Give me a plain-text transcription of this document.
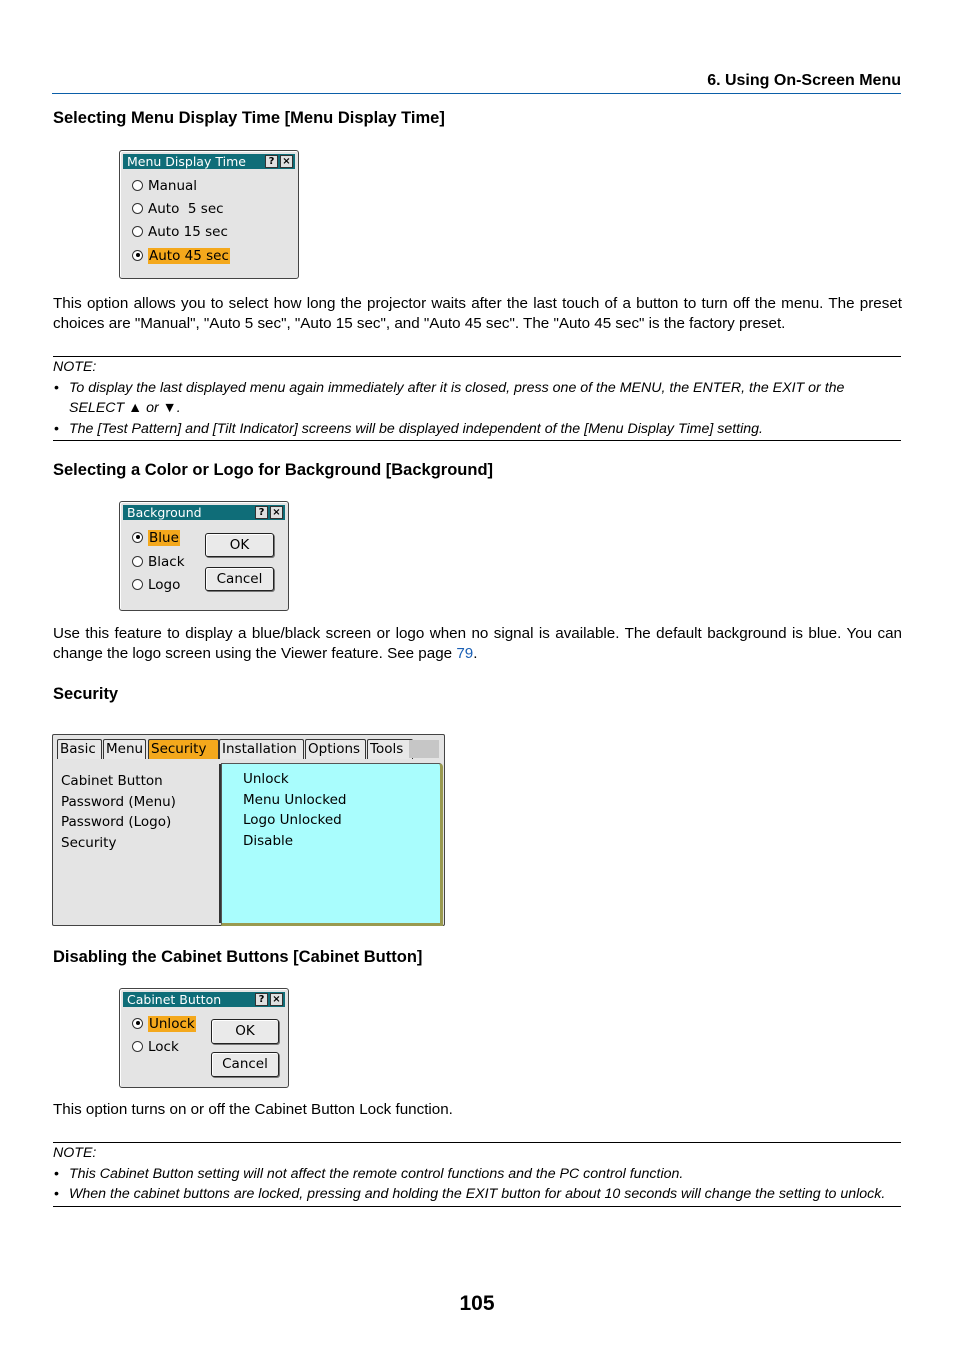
6. Using On-Screen Menu
Selecting Menu Display Time [Menu Display Time]
Menu Display Time	? ×
Manual
Auto  5 sec
Auto 15 sec
Auto 45 sec
This option allows you to select how long the projector waits after the last touch of a button to turn off the menu. The preset choices are "Manual", "Auto 5 sec", "Auto 15 sec", and "Auto 45 sec". The "Auto 45 sec" is the factory preset.
NOTE:
• To display the last displayed menu again immediately after it is closed, press one of the MENU, the ENTER, the EXIT or the SELECT ▲ or ▼.
• The [Test Pattern] and [Tilt Indicator] screens will be displayed independent of the [Menu Display Time] setting.
Selecting a Color or Logo for Background [Background]
Background	? ×
Blue
Black
Logo
OK
Cancel
Use this feature to display a blue/black screen or logo when no signal is available. The default background is blue. You can change the logo screen using the Viewer feature. See page 79.
Security
Basic Menu Security	Installation Options Tools
Cabinet Button
Password (Menu)
Password (Logo)
Security
Unlock
Menu Unlocked
Logo Unlocked
Disable
Disabling the Cabinet Buttons [Cabinet Button]
Cabinet Button	? ×
Unlock
Lock
OK
Cancel
This option turns on or off the Cabinet Button Lock function.
NOTE:
• This Cabinet Button setting will not affect the remote control functions and the PC control function.
• When the cabinet buttons are locked, pressing and holding the EXIT button for about 10 seconds will change the setting to unlock.
105
